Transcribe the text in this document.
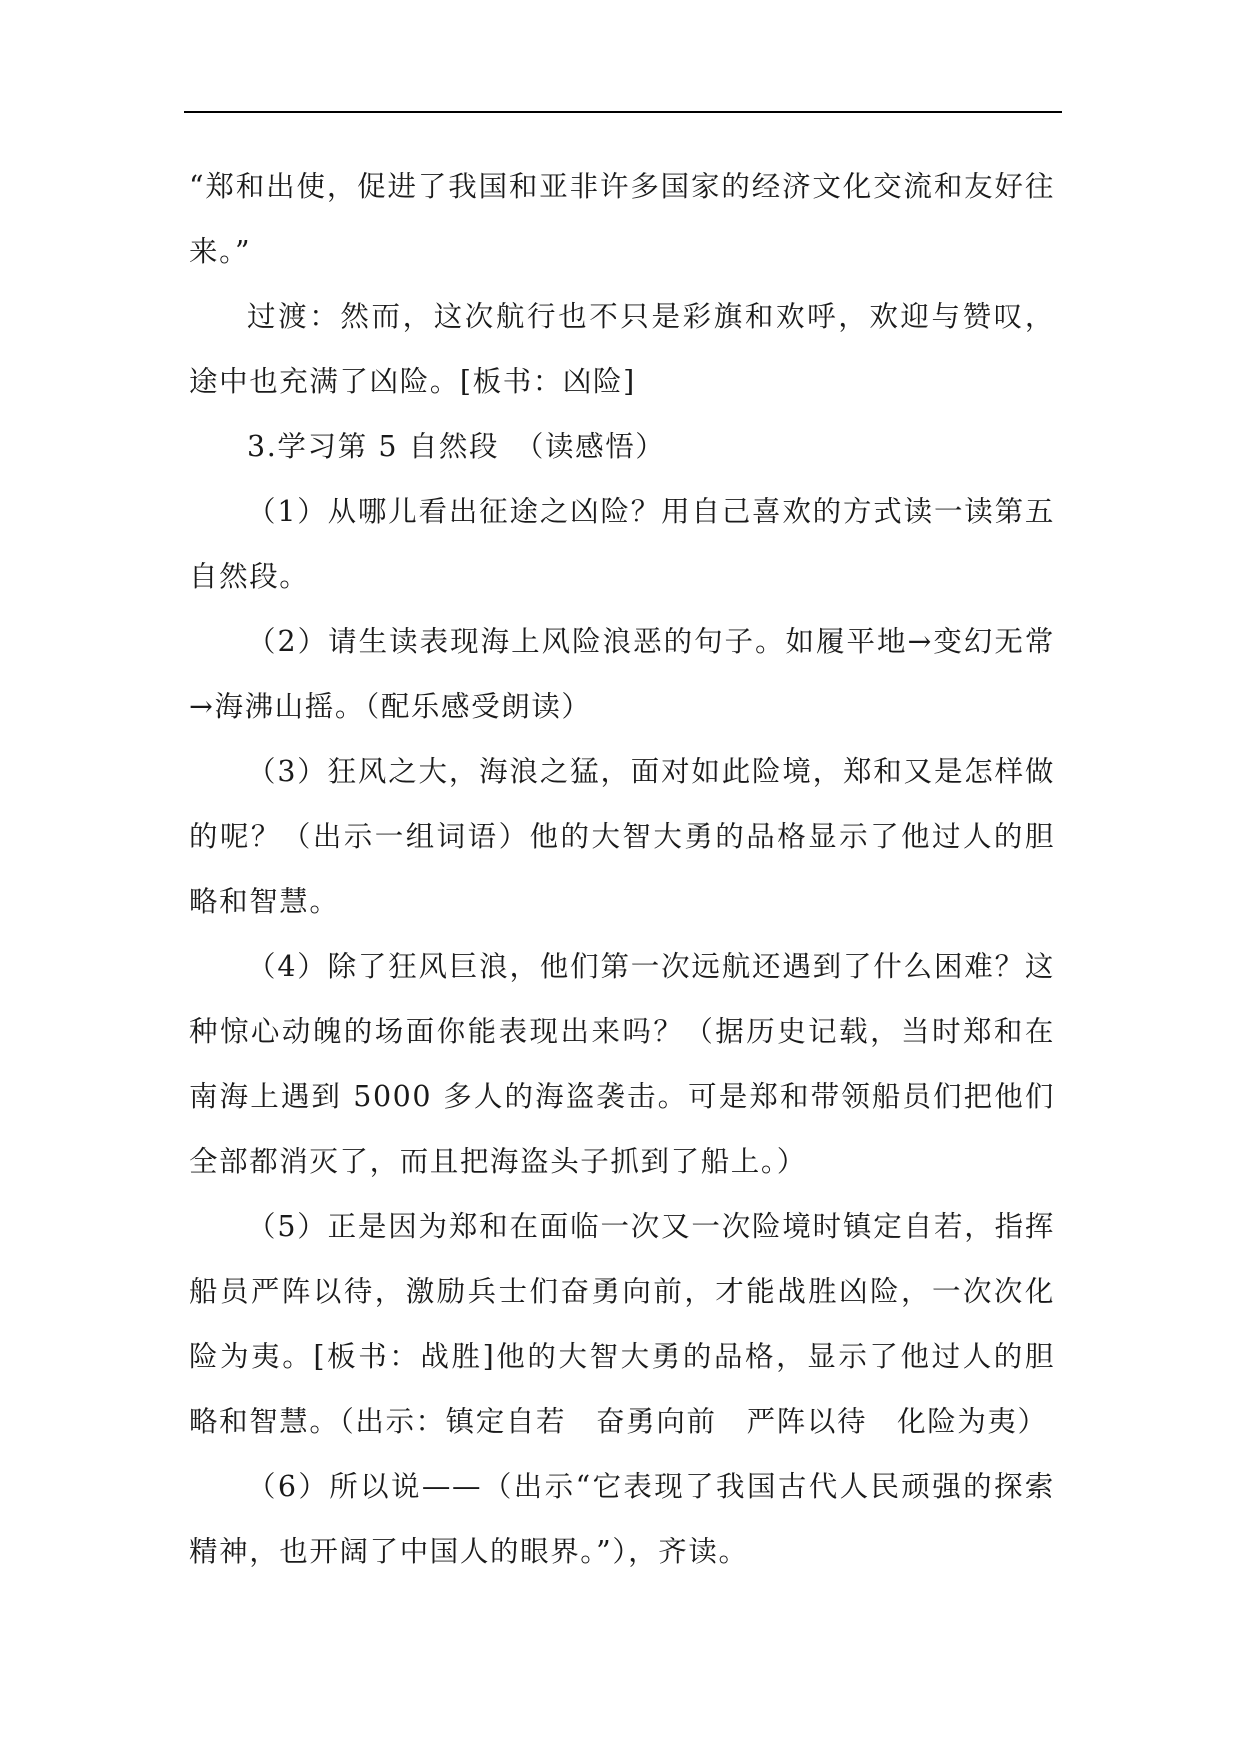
“郑和出使，促进了我国和亚非许多国家的经济文化交流和友好往来。”

过渡：然而，这次航行也不只是彩旗和欢呼，欢迎与赞叹，途中也充满了凶险。[板书：凶险]

3.学习第 5 自然段　（读感悟）

（1）从哪儿看出征途之凶险？用自己喜欢的方式读一读第五自然段。

（2）请生读表现海上风险浪恶的句子。如履平地→变幻无常→海沸山摇。（配乐感受朗读）

（3）狂风之大，海浪之猛，面对如此险境，郑和又是怎样做的呢？（出示一组词语）他的大智大勇的品格显示了他过人的胆略和智慧。

（4）除了狂风巨浪，他们第一次远航还遇到了什么困难？这种惊心动魄的场面你能表现出来吗？（据历史记载，当时郑和在南海上遇到 5000 多人的海盗袭击。可是郑和带领船员们把他们全部都消灭了，而且把海盗头子抓到了船上。）

（5）正是因为郑和在面临一次又一次险境时镇定自若，指挥船员严阵以待，激励兵士们奋勇向前，才能战胜凶险，一次次化险为夷。[板书：战胜]他的大智大勇的品格，显示了他过人的胆略和智慧。（出示：镇定自若　奋勇向前　严阵以待　化险为夷）

（6）所以说——（出示“它表现了我国古代人民顽强的探索精神，也开阔了中国人的眼界。”），齐读。
